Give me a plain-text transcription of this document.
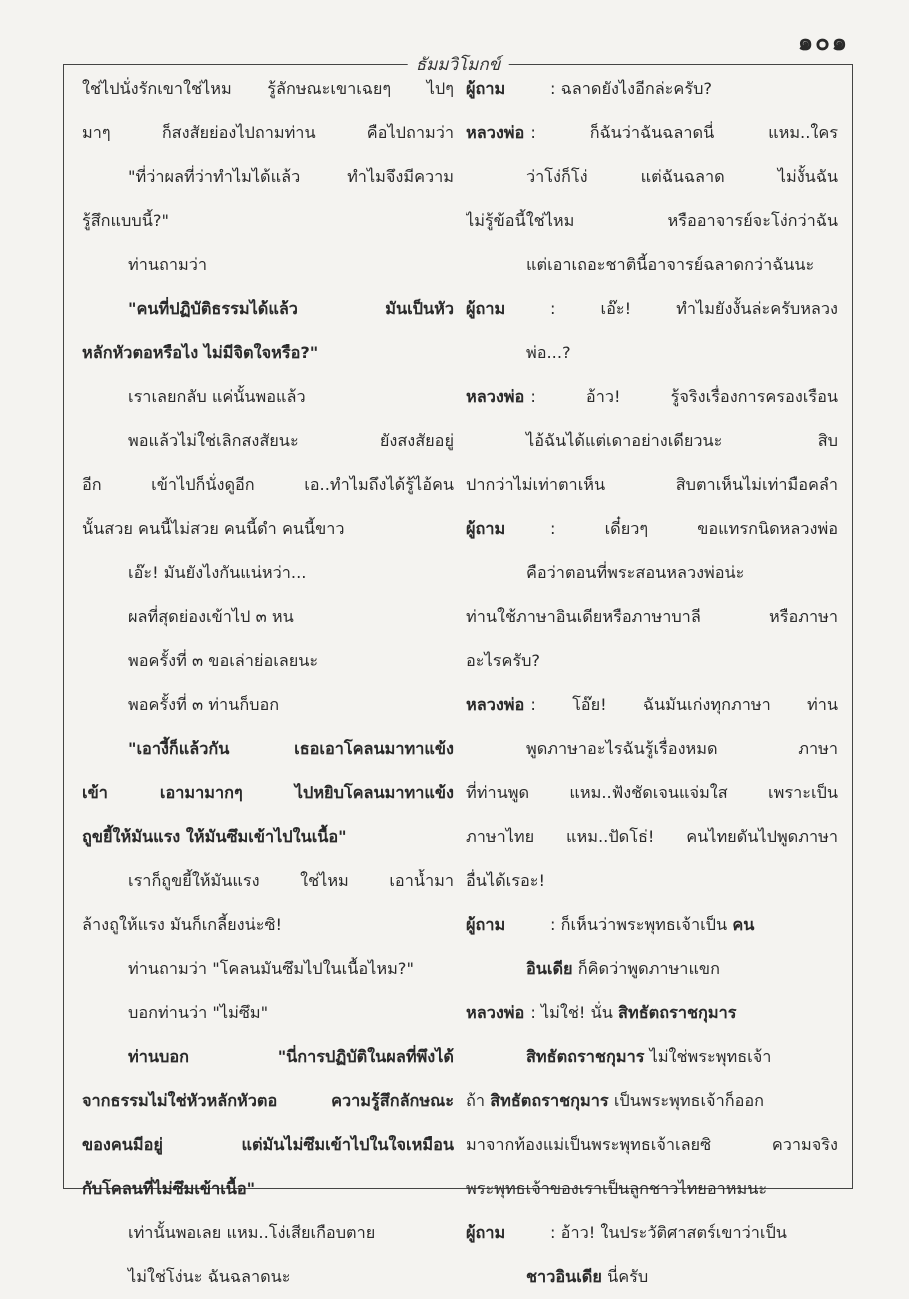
๑๐๑
ธัมมวิโมกข์
ใช่ไปนั่งรักเขาใช่ไหม รู้ลักษณะเขาเฉยๆ ไปๆ
มาๆ ก็สงสัยย่องไปถามท่าน คือไปถามว่า
"ที่ว่าผลที่ว่าทำไมได้แล้ว ทำไมจึงมีความ
รู้สึกแบบนี้?"
ท่านถามว่า
"คนที่ปฏิบัติธรรมได้แล้ว มันเป็นหัว
หลักหัวตอหรือไง ไม่มีจิตใจหรือ?"
เราเลยกลับ แค่นั้นพอแล้ว
พอแล้วไม่ใช่เลิกสงสัยนะ ยังสงสัยอยู่
อีก เข้าไปก็นั่งดูอีก เอ..ทำไมถึงได้รู้ไอ้คน
นั้นสวย คนนี้ไม่สวย คนนี้ดำ คนนี้ขาว
เอ๊ะ! มันยังไงกันแน่หว่า...
ผลที่สุดย่องเข้าไป ๓ หน
พอครั้งที่ ๓ ขอเล่าย่อเลยนะ
พอครั้งที่ ๓ ท่านก็บอก
"เอางี้ก็แล้วกัน เธอเอาโคลนมาทาแข้ง
เข้า เอามามากๆ ไปหยิบโคลนมาทาแข้ง
ถูขยี้ให้มันแรง ให้มันซึมเข้าไปในเนื้อ"
เราก็ถูขยี้ให้มันแรง ใช่ไหม เอาน้ำมา
ล้างถูให้แรง มันก็เกลี้ยงน่ะซิ!
ท่านถามว่า "โคลนมันซึมไปในเนื้อไหม?"
บอกท่านว่า "ไม่ซึม"
ท่านบอก "นี่การปฏิบัติในผลที่พึงได้
จากธรรมไม่ใช่หัวหลักหัวตอ ความรู้สึกลักษณะ
ของคนมีอยู่ แต่มันไม่ซึมเข้าไปในใจเหมือน
กับโคลนที่ไม่ซึมเข้าเนื้อ"
เท่านั้นพอเลย แหม..โง่เสียเกือบตาย
ไม่ใช่โง่นะ ฉันฉลาดนะ
ผู้ถาม	: ฉลาดยังไงอีกล่ะครับ?
หลวงพ่อ : ก็ฉันว่าฉันฉลาดนี่ แหม..ใคร
ว่าโง่ก็โง่ แต่ฉันฉลาด ไม่งั้นฉัน
ไม่รู้ข้อนี้ใช่ไหม หรืออาจารย์จะโง่กว่าฉัน
แต่เอาเถอะชาตินี้อาจารย์ฉลาดกว่าฉันนะ
ผู้ถาม	: เอ๊ะ! ทำไมยังงั้นล่ะครับหลวง
พ่อ...?
หลวงพ่อ : อ้าว! รู้จริงเรื่องการครองเรือน
ไอ้ฉันได้แต่เดาอย่างเดียวนะ สิบ
ปากว่าไม่เท่าตาเห็น สิบตาเห็นไม่เท่ามือคลำ
ผู้ถาม	: เดี๋ยวๆ ขอแทรกนิดหลวงพ่อ
คือว่าตอนที่พระสอนหลวงพ่อน่ะ
ท่านใช้ภาษาอินเดียหรือภาษาบาลี หรือภาษา
อะไรครับ?
หลวงพ่อ : โอ๊ย! ฉันมันเก่งทุกภาษา ท่าน
พูดภาษาอะไรฉันรู้เรื่องหมด ภาษา
ที่ท่านพูด แหม..ฟังชัดเจนแจ่มใส เพราะเป็น
ภาษาไทย แหม..ปัดโธ่! คนไทยดันไปพูดภาษา
อื่นได้เรอะ!
ผู้ถาม	: ก็เห็นว่าพระพุทธเจ้าเป็น
คน
อินเดีย
ก็คิดว่าพูดภาษาแขก
หลวงพ่อ : ไม่ใช่! นั่น
สิทธัตถราชกุมาร
สิทธัตถราชกุมาร
ไม่ใช่พระพุทธเจ้า
ถ้า
สิทธัตถราชกุมาร
เป็นพระพุทธเจ้าก็ออก
มาจากท้องแม่เป็นพระพุทธเจ้าเลยซิ ความจริง
พระพุทธเจ้าของเราเป็นลูกชาวไทยอาหมนะ
ผู้ถาม	: อ้าว! ในประวัติศาสตร์เขาว่าเป็น
ชาวอินเดีย
นี่ครับ
